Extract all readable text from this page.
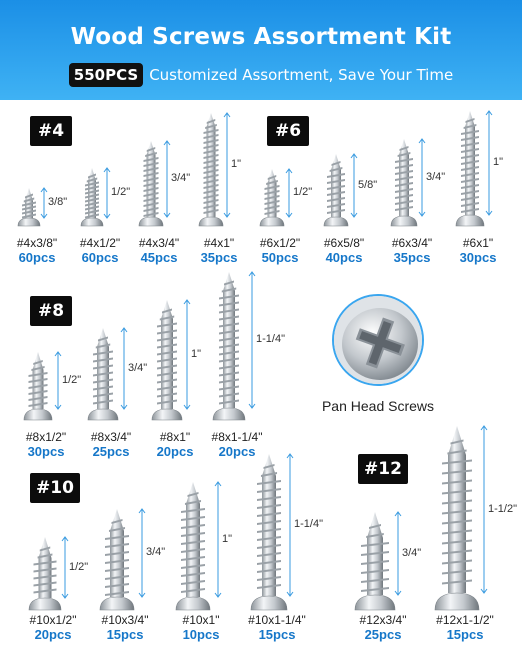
Wood Screws Assortment Kit
550PCS Customized Assortment, Save Your Time
#4	#6
#8
#10
#12
Pan Head Screws
3/8"
#4x3/8"
60pcs
1/2"
#4x1/2"
60pcs
3/4"
#4x3/4"
45pcs
1"
#4x1"
35pcs
1/2"
#6x1/2"
50pcs
5/8"
#6x5/8"
40pcs
3/4"
#6x3/4"
35pcs
1"
#6x1"
30pcs
1/2"
#8x1/2"
30pcs
3/4"
#8x3/4"
25pcs
1"
#8x1"
20pcs
1-1/4"
#8x1-1/4"
20pcs
1/2"
#10x1/2"
20pcs
3/4"
#10x3/4"
15pcs
1"
#10x1"
10pcs
1-1/4"
#10x1-1/4"
15pcs
3/4"
#12x3/4"
25pcs
1-1/2"
#12x1-1/2"
15pcs
